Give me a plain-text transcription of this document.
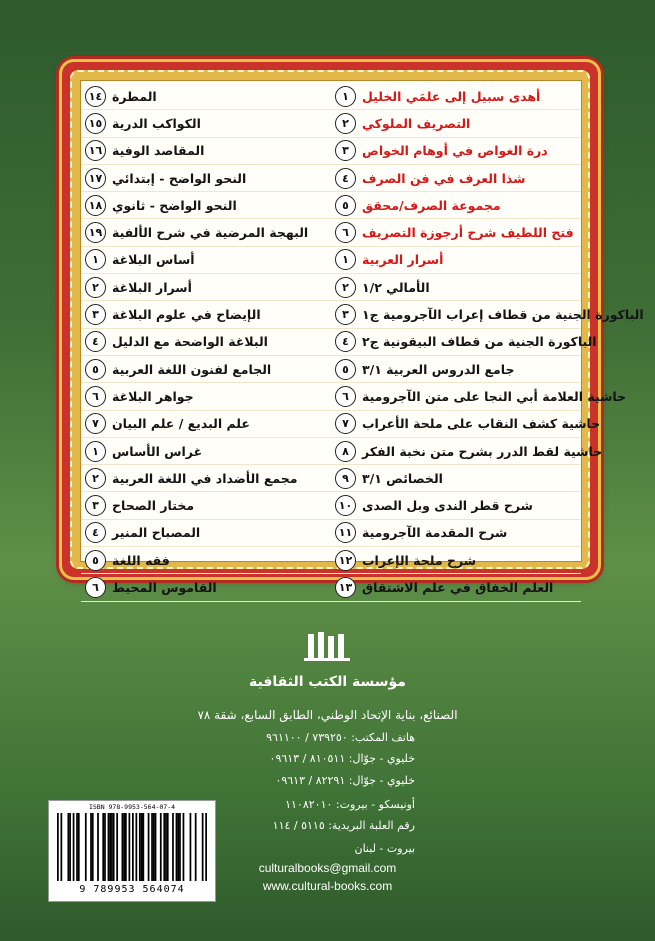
١	أهدى سبيل إلى علمَي الخليل
٢	التصريف الملوكي
٣	درة الغواص في أوهام الخواص
٤	شذا العرف في فن الصرف
٥	مجموعة الصرف/محقق
٦	فتح اللطيف شرح أرجوزة التصريف
١	أسرار العربية
٢	الأمالي ١/٢
٣	الباكورة الجنية من قطاف إعراب الآجرومية ج١
٤	الباكورة الجنية من قطاف البيقونية ج٢
٥	جامع الدروس العربية ٣/١
٦	حاشية العلامة أبي النجا على متن الآجرومية
٧	حاشية كشف النقاب على ملحة الأعراب
٨	حاشية لقط الدرر بشرح متن نخبة الفكر
٩	الخصائص ٣/١
١٠ شرح قطر الندى وبل الصدى
١١ شرح المقدمة الآجرومية
١٢ شرح ملحة الإعراب
١٣ العلم الخفاق في علم الاشتقاق
١٤ المطرة
١٥ الكواكب الدرية
١٦ المقاصد الوفية
١٧ النحو الواضح - إبتدائي
١٨ النحو الواضح - ثانوي
١٩ البهجة المرضية في شرح الألفية
١	أساس البلاغة
٢	أسرار البلاغة
٣	الإيضاح في علوم البلاغة
٤	البلاغة الواضحة مع الدليل
٥	الجامع لفنون اللغة العربية
٦	جواهر البلاغة
٧	علم البديع / علم البيان
١	غراس الأساس
٢	مجمع الأضداد في اللغة العربية
٣	مختار الصحاح
٤	المصباح المنير
٥	فقه اللغة
٦	القاموس المحيط
مؤسسة الكتب الثقافية
الصنائع، بناية الإتحاد الوطني، الطابق السابع، شقة ٧٨
هاتف المكتب: ٧٣٩٢٥٠ / ٩٦١١٠٠
خليوي - جوّال: ٨١٠٥١١ / ٠٩٦١٣
خليوي - جوّال: ٨٢٢٩١ / ٠٩٦١٣
أونيسكو - بيروت: ١١٠٨٢٠١٠
رقم العلبة البريدية: ٥١١٥ / ١١٤
بيروت - لبنان
culturalbooks@gmail.com
www.cultural-books.com
ISBN 978-9953-564-07-4
9 789953 564074
